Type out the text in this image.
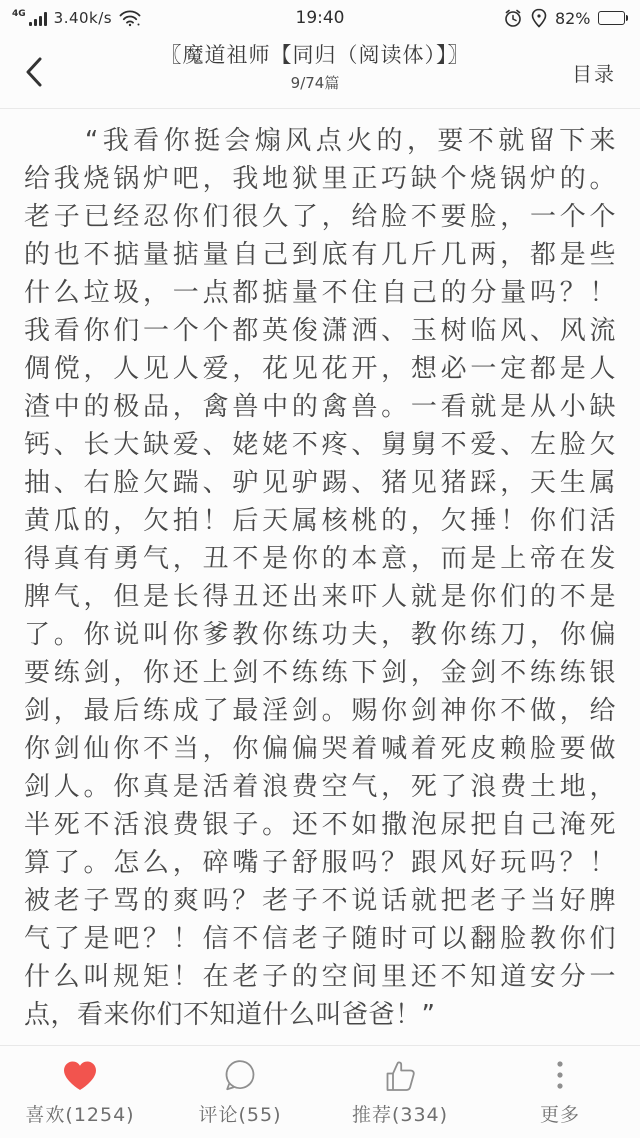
19:40
4G 3.40k/s	82%
〖魔道祖师【同归（阅读体）】〗
9/74篇	目录
　　“我看你挺会煽风点火的，要不就留下来
给我烧锅炉吧，我地狱里正巧缺个烧锅炉的。
老子已经忍你们很久了，给脸不要脸，一个个
的也不掂量掂量自己到底有几斤几两，都是些
什么垃圾，一点都掂量不住自己的分量吗？！
我看你们一个个都英俊潇洒、玉树临风、风流
倜傥，人见人爱，花见花开，想必一定都是人
渣中的极品，禽兽中的禽兽。一看就是从小缺
钙、长大缺爱、姥姥不疼、舅舅不爱、左脸欠
抽、右脸欠踹、驴见驴踢、猪见猪踩，天生属
黄瓜的，欠拍！后天属核桃的，欠捶！你们活
得真有勇气，丑不是你的本意，而是上帝在发
脾气，但是长得丑还出来吓人就是你们的不是
了。你说叫你爹教你练功夫，教你练刀，你偏
要练剑，你还上剑不练练下剑，金剑不练练银
剑，最后练成了最淫剑。赐你剑神你不做，给
你剑仙你不当，你偏偏哭着喊着死皮赖脸要做
剑人。你真是活着浪费空气，死了浪费土地，
半死不活浪费银子。还不如撒泡尿把自己淹死
算了。怎么，碎嘴子舒服吗？跟风好玩吗？！
被老子骂的爽吗？老子不说话就把老子当好脾
气了是吧？！信不信老子随时可以翻脸教你们
什么叫规矩！在老子的空间里还不知道安分一
点，看来你们不知道什么叫爸爸！”
喜欢(1254)	评论(55)	推荐(334)	更多
